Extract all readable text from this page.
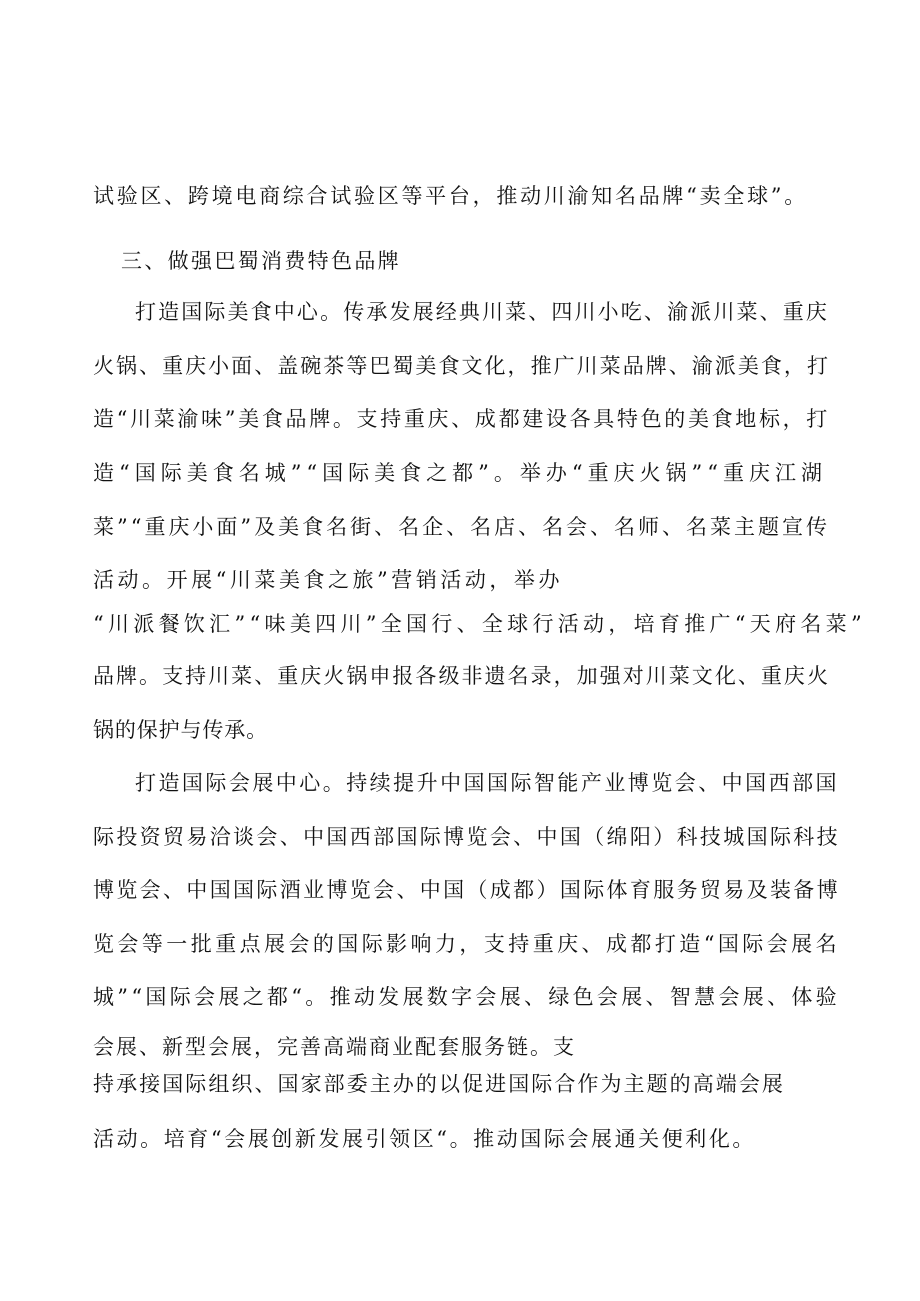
试验区、跨境电商综合试验区等平台，推动川渝知名品牌“卖全球”。
三、做强巴蜀消费特色品牌
打造国际美食中心。传承发展经典川菜、四川小吃、渝派川菜、重庆
火锅、重庆小面、盖碗茶等巴蜀美食文化，推广川菜品牌、渝派美食，打
造“川菜渝味”美食品牌。支持重庆、成都建设各具特色的美食地标，打
造“国际美食名城”“国际美食之都”。举办“重庆火锅”“重庆江湖
菜”“重庆小面”及美食名街、名企、名店、名会、名师、名菜主题宣传
活动。开展“川菜美食之旅”营销活动，举办
“川派餐饮汇”“味美四川”全国行、全球行活动，培育推广“天府名菜”
品牌。支持川菜、重庆火锅申报各级非遗名录，加强对川菜文化、重庆火
锅的保护与传承。
打造国际会展中心。持续提升中国国际智能产业博览会、中国西部国
际投资贸易洽谈会、中国西部国际博览会、中国（绵阳）科技城国际科技
博览会、中国国际酒业博览会、中国（成都）国际体育服务贸易及装备博
览会等一批重点展会的国际影响力，支持重庆、成都打造“国际会展名
城”“国际会展之都“。推动发展数字会展、绿色会展、智慧会展、体验
会展、新型会展，完善高端商业配套服务链。支
持承接国际组织、国家部委主办的以促进国际合作为主题的高端会展
活动。培育“会展创新发展引领区“。推动国际会展通关便利化。
